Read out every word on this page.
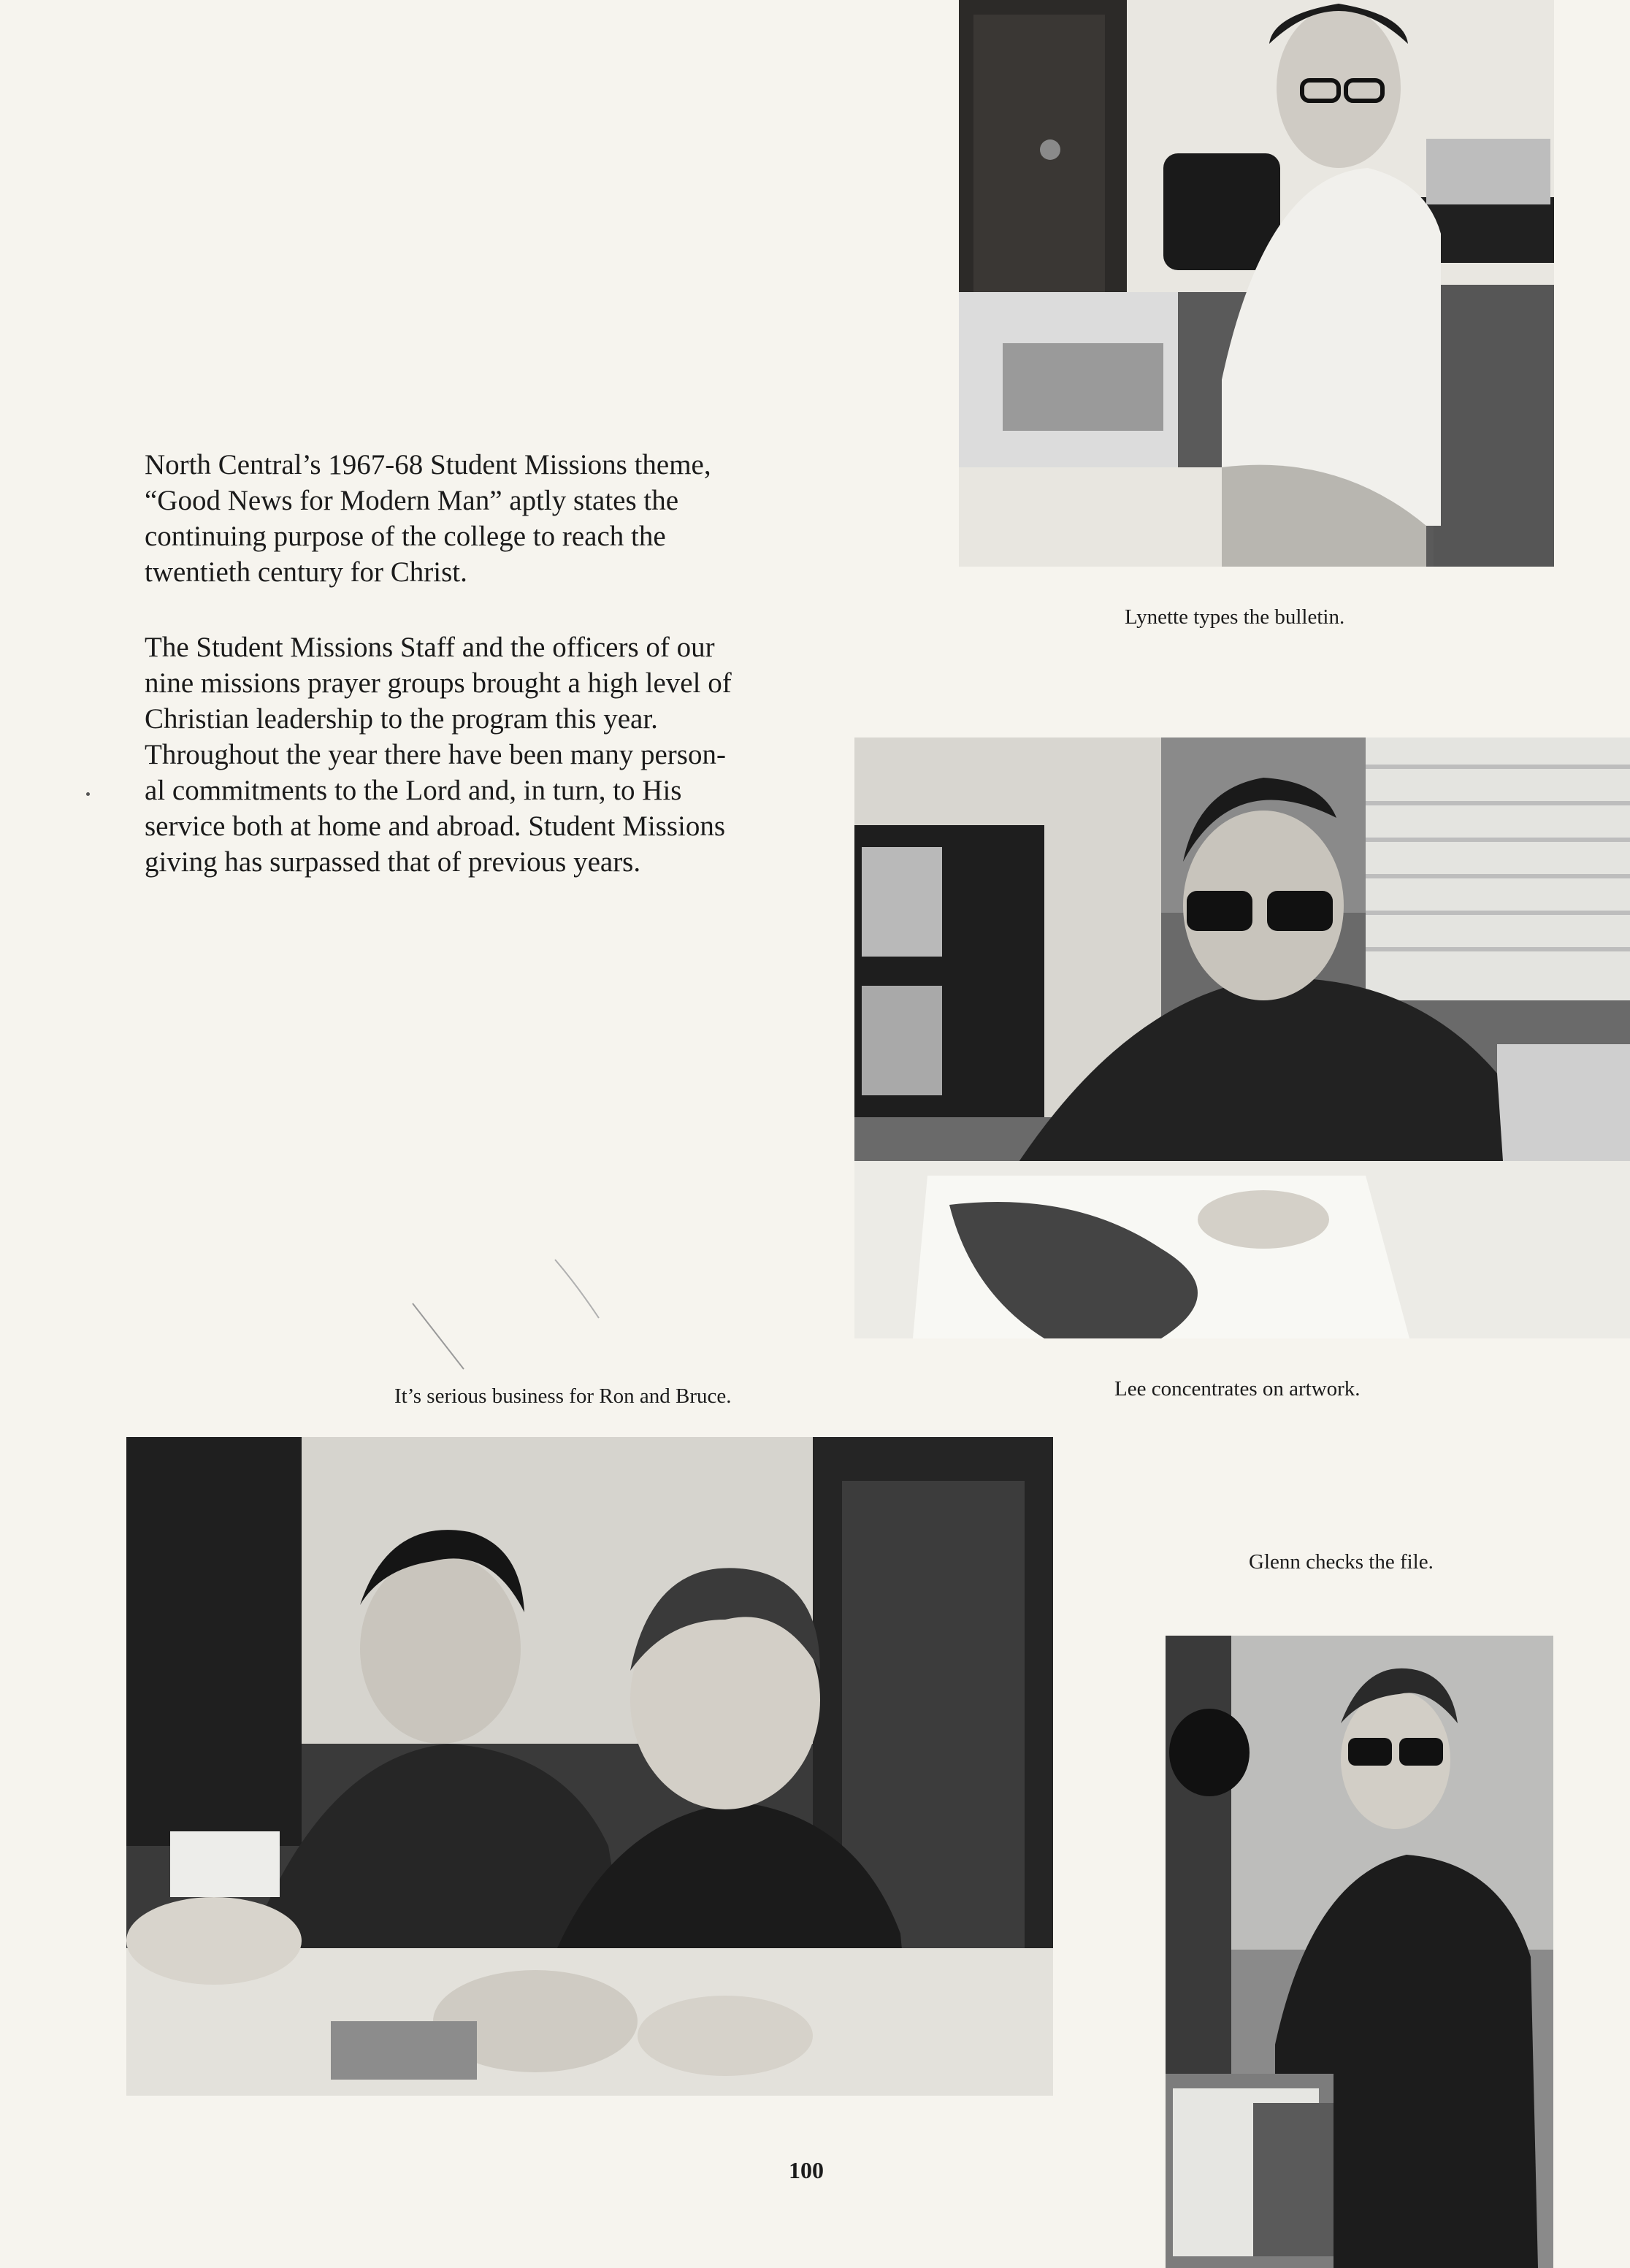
North Central’s 1967-68 Student Missions theme,
“Good News for Modern Man” aptly states the
continuing purpose of the college to reach the
twentieth century for Christ.
The Student Missions Staff and the officers of our
nine missions prayer groups brought a high level of
Christian leadership to the program this year.
Throughout the year there have been many person-
al commitments to the Lord and, in turn, to His
service both at home and abroad. Student Missions
giving has surpassed that of previous years.
Lynette types the bulletin.
Lee concentrates on artwork.
It’s serious business for Ron and Bruce.
Glenn checks the file.
100
